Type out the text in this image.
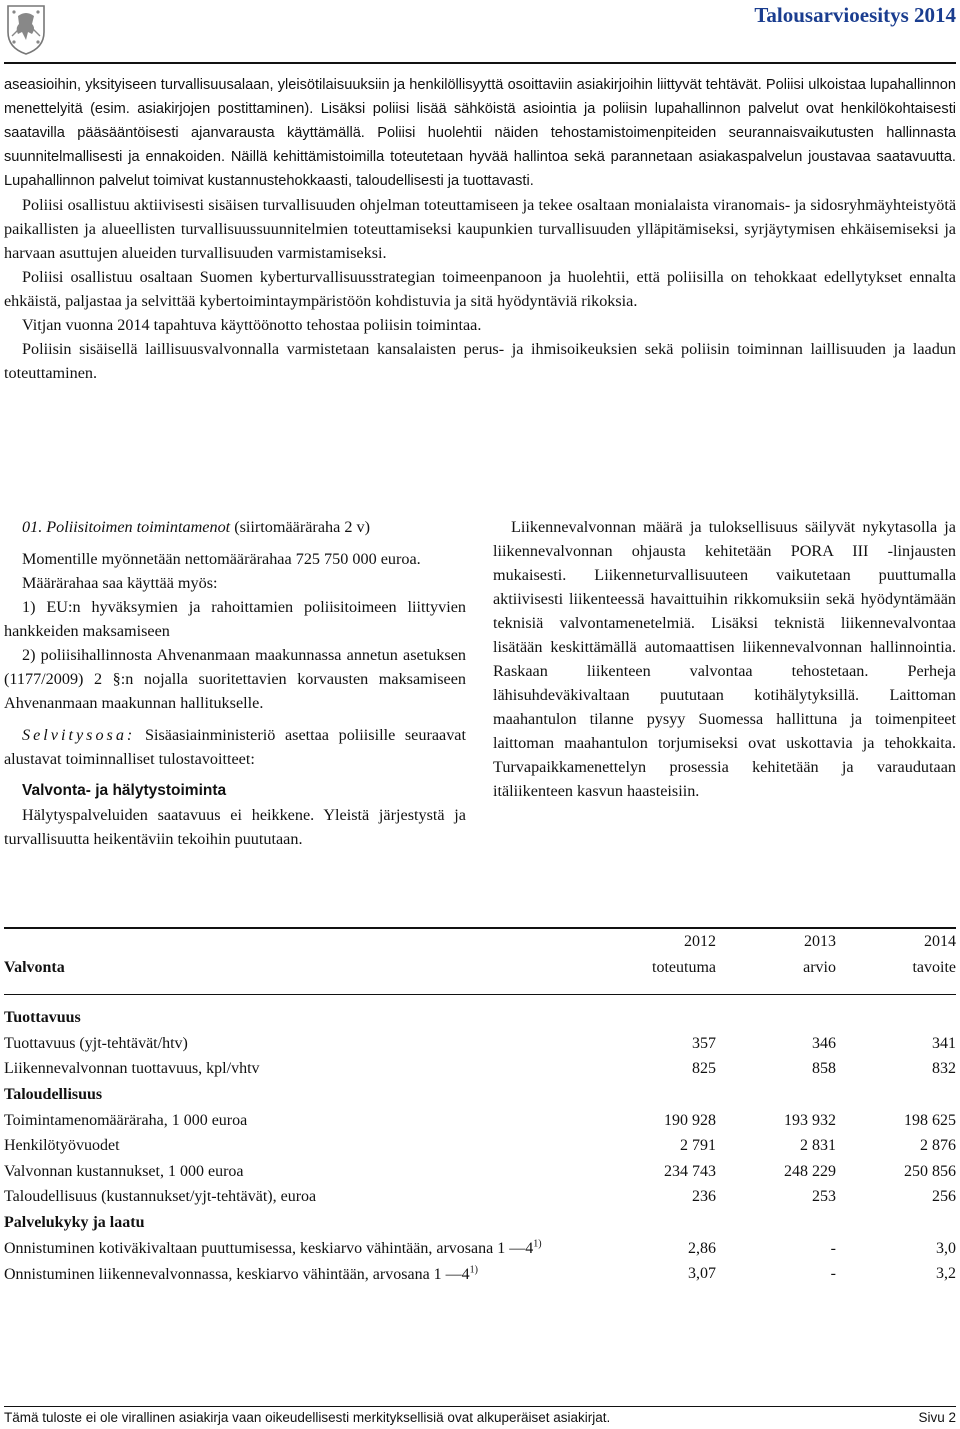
Talousarvioesitys 2014

aseasioihin, yksityiseen turvallisuusalaan, yleisötilaisuuksiin ja henkilöllisyyttä osoittaviin asiakirjoihin liittyvät tehtävät. Poliisi ulkoistaa lupahallinnon menettelyitä (esim. asiakirjojen postittaminen). Lisäksi poliisi lisää sähköistä asiointia ja poliisin lupahallinnon palvelut ovat henkilökohtaisesti saatavilla pääsääntöisesti ajanvarausta käyttämällä. Poliisi huolehtii näiden tehostamistoimenpiteiden seurannaisvaikutusten hallinnasta suunnitelmallisesti ja ennakoiden. Näillä kehittämistoimilla toteutetaan hyvää hallintoa sekä parannetaan asiakaspalvelun joustavaa saatavuutta. Lupahallinnon palvelut toimivat kustannustehokkaasti, taloudellisesti ja tuottavasti.

Poliisi osallistuu aktiivisesti sisäisen turvallisuuden ohjelman toteuttamiseen ja tekee osaltaan monialaista viranomais- ja sidosryhmäyhteistyötä paikallisten ja alueellisten turvallisuussuunnitelmien toteuttamiseksi kaupunkien turvallisuuden ylläpitämiseksi, syrjäytymisen ehkäisemiseksi ja harvaan asuttujen alueiden turvallisuuden varmistamiseksi.

Poliisi osallistuu osaltaan Suomen kyberturvallisuusstrategian toimeenpanoon ja huolehtii, että poliisilla on tehokkaat edellytykset ennalta ehkäistä, paljastaa ja selvittää kybertoimintaympäristöön kohdistuvia ja sitä hyödyntäviä rikoksia.

Vitjan vuonna 2014 tapahtuva käyttöönotto tehostaa poliisin toimintaa.

Poliisin sisäisellä laillisuusvalvonnalla varmistetaan kansalaisten perus- ja ihmisoikeuksien sekä poliisin toiminnan laillisuuden ja laadun toteuttaminen.

01. Poliisitoimen toimintamenot (siirtomääräraha 2 v)

Momentille myönnetään nettomäärärahaa 725 750 000 euroa.

Määrärahaa saa käyttää myös:

1) EU:n hyväksymien ja rahoittamien poliisitoimeen liittyvien hankkeiden maksamiseen

2) poliisihallinnosta Ahvenanmaan maakunnassa annetun asetuksen (1177/2009) 2 §:n nojalla suoritettavien korvausten maksamiseen Ahvenanmaan maakunnan hallitukselle.

Selvitysosa: Sisäasiainministeriö asettaa poliisille seuraavat alustavat toiminnalliset tulostavoitteet:

Valvonta- ja hälytystoiminta

Hälytyspalveluiden saatavuus ei heikkene. Yleistä järjestystä ja turvallisuutta heikentäviin tekoihin puututaan.

Liikennevalvonnan määrä ja tuloksellisuus säilyvät nykytasolla ja liikennevalvonnan ohjausta kehitetään PORA III -linjausten mukaisesti. Liikenneturvallisuuteen vaikutetaan puuttumalla aktiivisesti liikenteessä havaittuihin rikkomuksiin sekä hyödyntämään teknisiä valvontamenetelmiä. Lisäksi teknistä liikennevalvontaa lisätään keskittämällä automaattisen liikennevalvonnan hallinnointia. Raskaan liikenteen valvontaa tehostetaan. Perheja lähisuhdeväkivaltaan puututaan kotihälytyksillä. Laittoman maahantulon tilanne pysyy Suomessa hallittuna ja toimenpiteet laittoman maahantulon torjumiseksi ovat uskottavia ja tehokkaita. Turvapaikkamenettelyn prosessia kehitetään ja varaudutaan itäliikenteen kasvun haasteisiin.

	2012	2013	2014
Valvonta	toteutuma	arvio	tavoite

Tuottavuus			
Tuottavuus (yjt-tehtävät/htv)	357	346	341
Liikennevalvonnan tuottavuus, kpl/vhtv	825	858	832
Taloudellisuus			
Toimintamenomääräraha, 1 000 euroa	190 928	193 932	198 625
Henkilötyövuodet	2 791	2 831	2 876
Valvonnan kustannukset, 1 000 euroa	234 743	248 229	250 856
Taloudellisuus (kustannukset/yjt-tehtävät), euroa	236	253	256
Palvelukyky ja laatu			
Onnistuminen kotiväkivaltaan puuttumisessa, keskiarvo vähintään, arvosana 1 —4$^{1)}$	2,86	-	3,0
Onnistuminen liikennevalvonnassa, keskiarvo vähintään, arvosana 1 —4$^{1)}$	3,07	-	3,2
Tämä tuloste ei ole virallinen asiakirja vaan oikeudellisesti merkityksellisiä ovat alkuperäiset asiakirjat.	Sivu 2
